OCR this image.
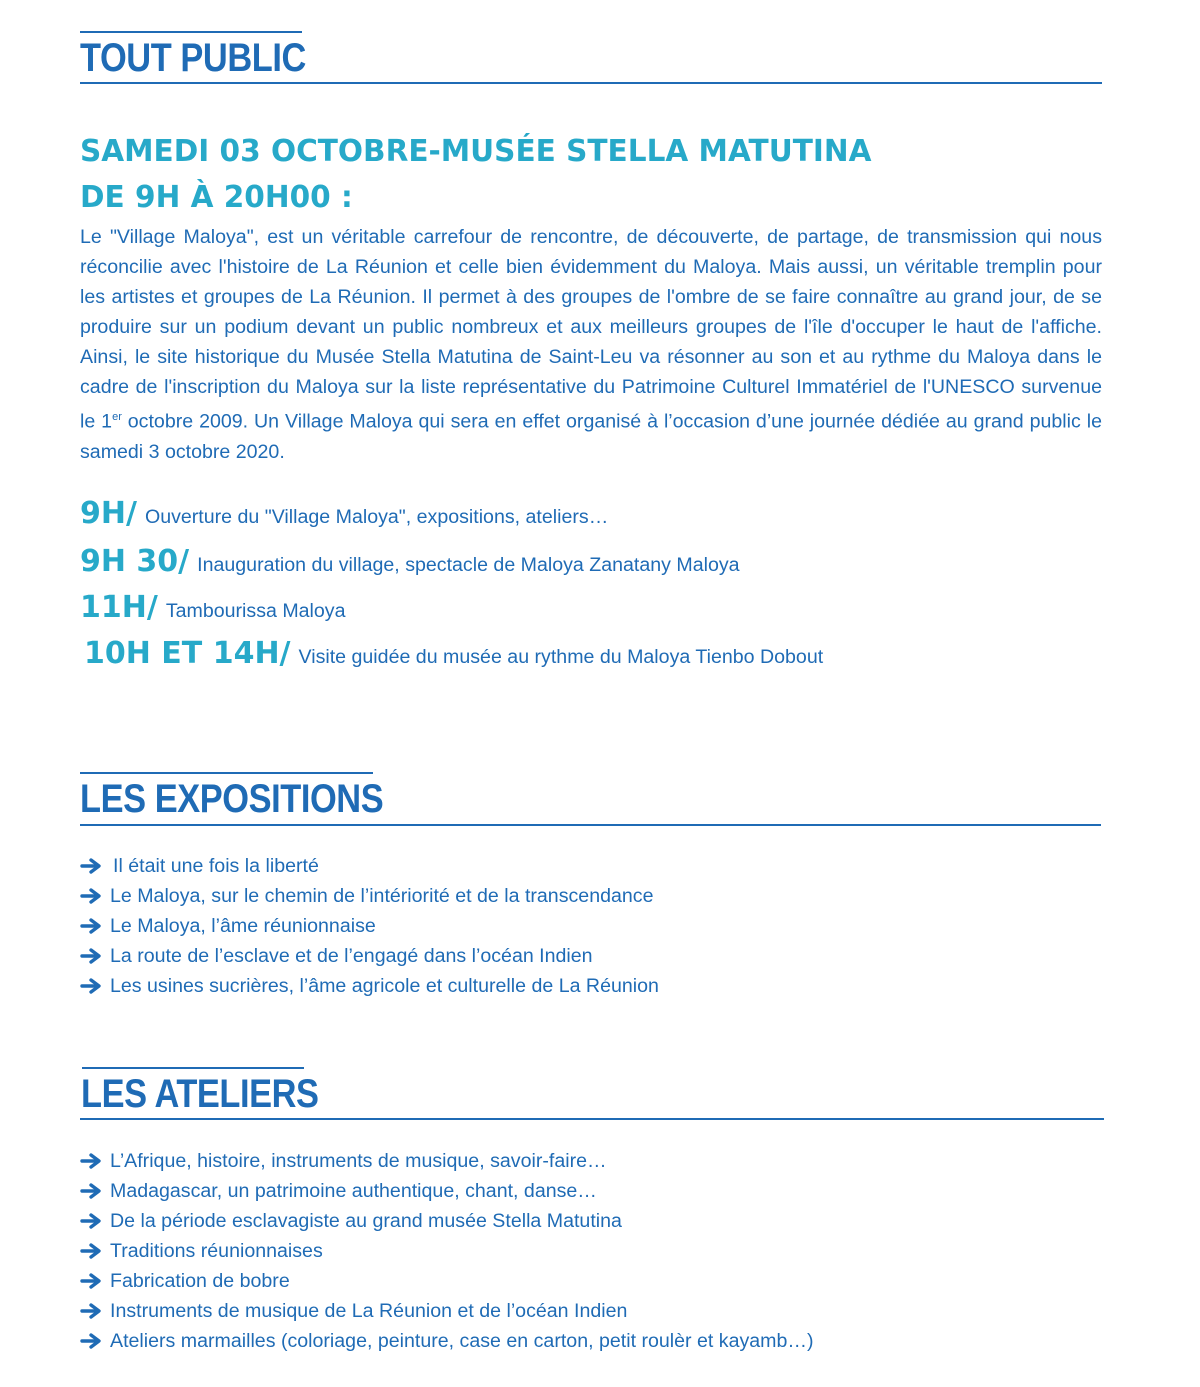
TOUT PUBLIC
SAMEDI 03 OCTOBRE-MUSÉE STELLA MATUTINA
DE 9H À 20H00 :

Le "Village Maloya", est un véritable carrefour de rencontre, de découverte, de partage, de transmission qui nous réconcilie avec l'histoire de La Réunion et celle bien évidemment du Maloya. Mais aussi, un véritable tremplin pour les artistes et groupes de La Réunion. Il permet à des groupes de l'ombre de se faire connaître au grand jour, de se produire sur un podium devant un public nombreux et aux meilleurs groupes de l'île d'occuper le haut de l'affiche. Ainsi, le site historique du Musée Stella Matutina de Saint-Leu va résonner au son et au rythme du Maloya dans le cadre de l'inscription du Maloya sur la liste représentative du Patrimoine Culturel Immatériel de l'UNESCO survenue le 1er octobre 2009. Un Village Maloya qui sera en effet organisé à l’occasion d’une journée dédiée au grand public le samedi 3 octobre 2020.

9H/ Ouverture du "Village Maloya", expositions, ateliers…
9H 30/ Inauguration du village, spectacle de Maloya Zanatany Maloya
11H/ Tambourissa Maloya
10H ET 14H/ Visite guidée du musée au rythme du Maloya Tienbo Dobout
LES EXPOSITIONS
Il était une fois la liberté
Le Maloya, sur le chemin de l’intériorité et de la transcendance
Le Maloya, l’âme réunionnaise
La route de l’esclave et de l’engagé dans l’océan Indien
Les usines sucrières, l’âme agricole et culturelle de La Réunion
LES ATELIERS
L’Afrique, histoire, instruments de musique, savoir-faire…
Madagascar, un patrimoine authentique, chant, danse…
De la période esclavagiste au grand musée Stella Matutina
Traditions réunionnaises
Fabrication de bobre
Instruments de musique de La Réunion et de l’océan Indien
Ateliers marmailles (coloriage, peinture, case en carton, petit roulèr et kayamb…)
